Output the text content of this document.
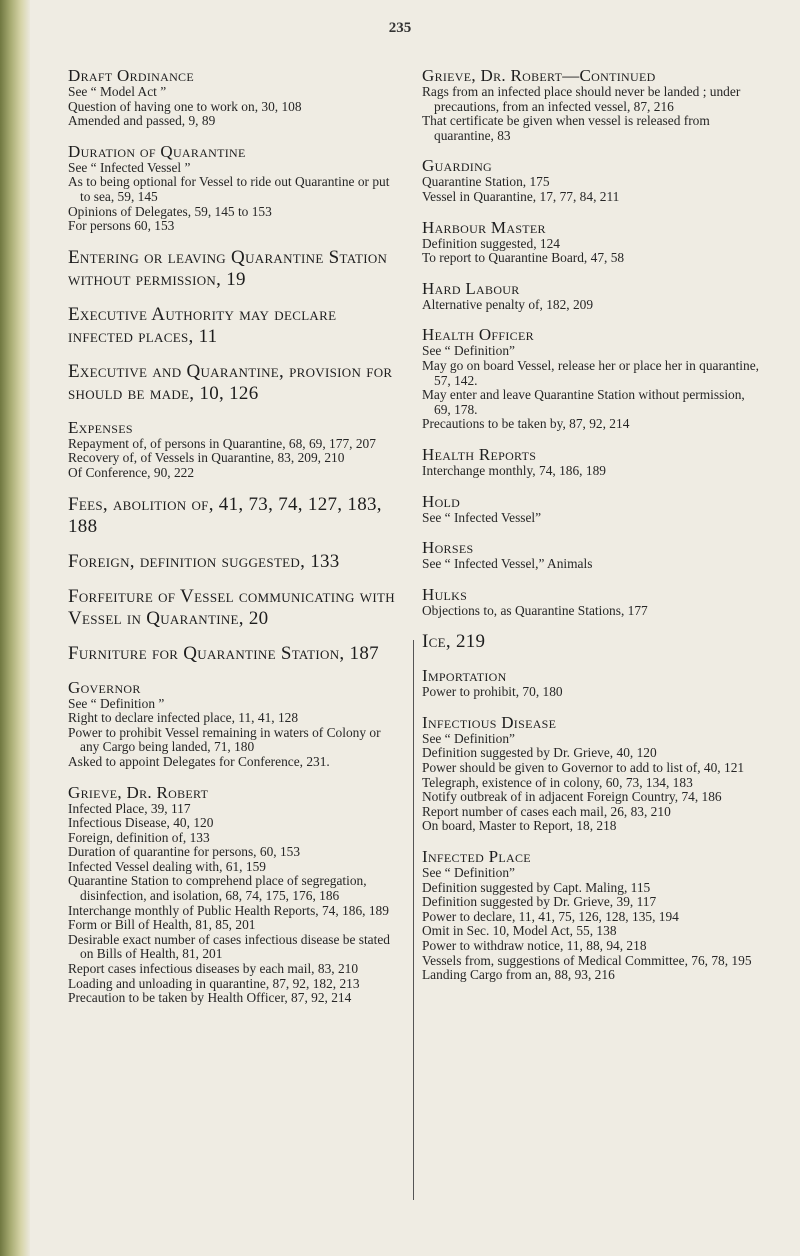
235
Draft Ordinance
See “ Model Act ”
Question of having one to work on, 30, 108
Amended and passed, 9, 89
Duration of Quarantine
See “ Infected Vessel ”
As to being optional for Vessel to ride out Quarantine or put to sea, 59, 145
Opinions of Delegates, 59, 145 to 153
For persons 60, 153
Entering or leaving Quarantine Station without permission, 19
Executive Authority may declare infected places, 11
Executive and Quarantine, provision for should be made, 10, 126
Expenses
Repayment of, of persons in Quarantine, 68, 69, 177, 207
Recovery of, of Vessels in Quarantine, 83, 209, 210
Of Conference, 90, 222
Fees, abolition of, 41, 73, 74, 127, 183, 188
Foreign, definition suggested, 133
Forfeiture of Vessel communicating with Vessel in Quarantine, 20
Furniture for Quarantine Station, 187
Governor
See “ Definition ”
Right to declare infected place, 11, 41, 128
Power to prohibit Vessel remaining in waters of Colony or any Cargo being landed, 71, 180
Asked to appoint Delegates for Conference, 231.
Grieve, Dr. Robert
Infected Place, 39, 117
Infectious Disease, 40, 120
Foreign, definition of, 133
Duration of quarantine for persons, 60, 153
Infected Vessel dealing with, 61, 159
Quarantine Station to comprehend place of segregation, disinfection, and isolation, 68, 74, 175, 176, 186
Interchange monthly of Public Health Reports, 74, 186, 189
Form or Bill of Health, 81, 85, 201
Desirable exact number of cases infectious disease be stated on Bills of Health, 81, 201
Report cases infectious diseases by each mail, 83, 210
Loading and unloading in quarantine, 87, 92, 182, 213
Precaution to be taken by Health Officer, 87, 92, 214
Grieve, Dr. Robert—Continued
Rags from an infected place should never be landed ; under precautions, from an infected vessel, 87, 216
That certificate be given when vessel is released from quarantine, 83
Guarding
Quarantine Station, 175
Vessel in Quarantine, 17, 77, 84, 211
Harbour Master
Definition suggested, 124
To report to Quarantine Board, 47, 58
Hard Labour
Alternative penalty of, 182, 209
Health Officer
See “ Definition”
May go on board Vessel, release her or place her in quarantine, 57, 142.
May enter and leave Quarantine Station without permission, 69, 178.
Precautions to be taken by, 87, 92, 214
Health Reports
Interchange monthly, 74, 186, 189
Hold
See “ Infected Vessel”
Horses
See “ Infected Vessel,” Animals
Hulks
Objections to, as Quarantine Stations, 177
Ice, 219
Importation
Power to prohibit, 70, 180
Infectious Disease
See “ Definition”
Definition suggested by Dr. Grieve, 40, 120
Power should be given to Governor to add to list of, 40, 121
Telegraph, existence of in colony, 60, 73, 134, 183
Notify outbreak of in adjacent Foreign Country, 74, 186
Report number of cases each mail, 26, 83, 210
On board, Master to Report, 18, 218
Infected Place
See “ Definition”
Definition suggested by Capt. Maling, 115
Definition suggested by Dr. Grieve, 39, 117
Power to declare, 11, 41, 75, 126, 128, 135, 194
Omit in Sec. 10, Model Act, 55, 138
Power to withdraw notice, 11, 88, 94, 218
Vessels from, suggestions of Medical Committee, 76, 78, 195
Landing Cargo from an, 88, 93, 216
